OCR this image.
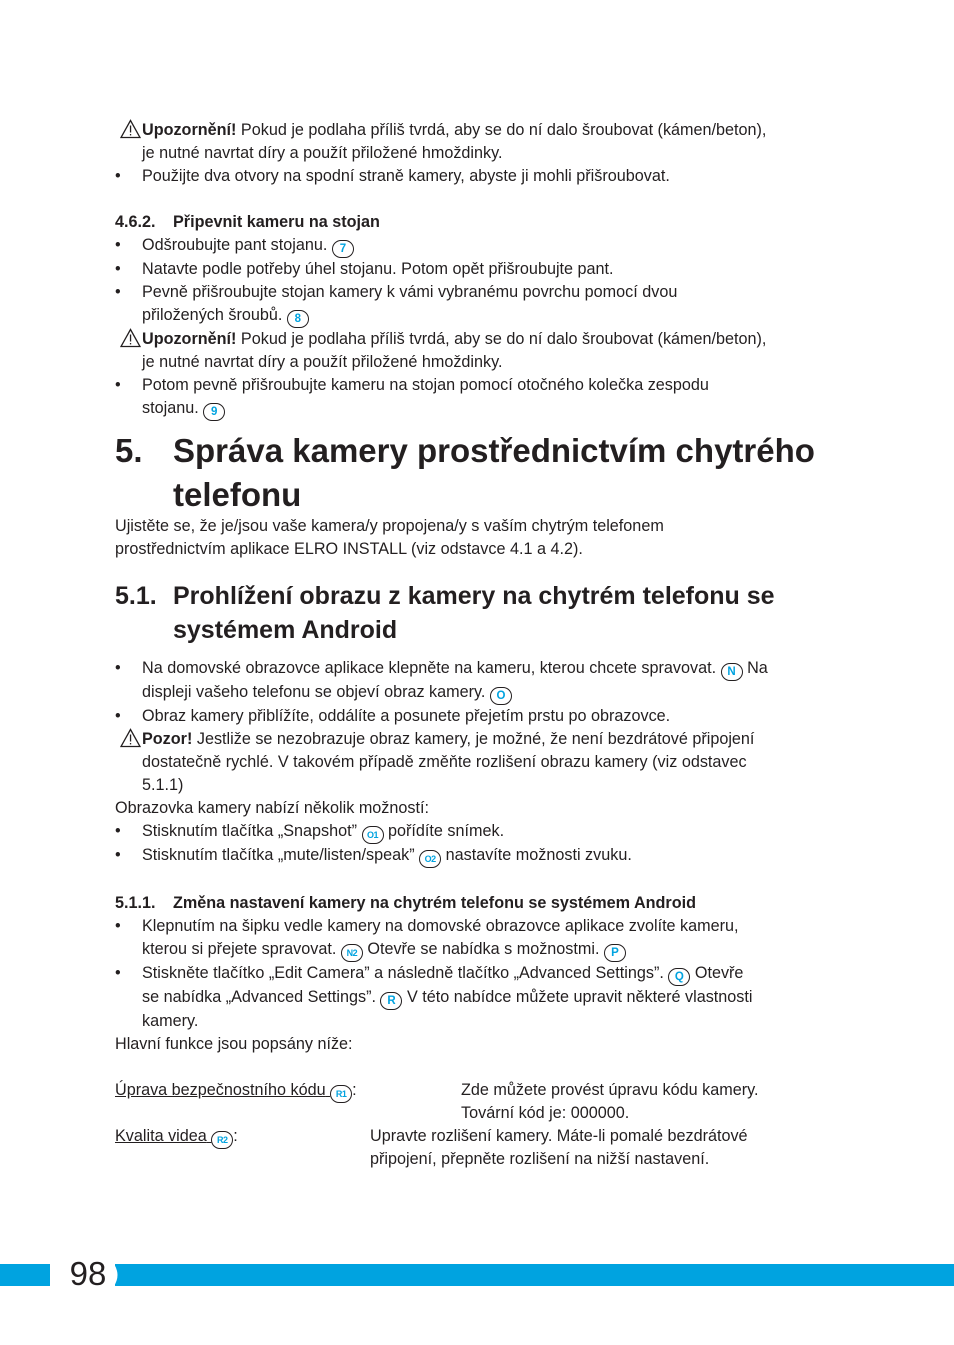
Upozornění! Pokud je podlaha příliš tvrdá, aby se do ní dalo šroubovat (kámen/beton),

je nutné navrtat díry a použít přiložené hmoždinky.

• Použijte dva otvory na spodní straně kamery, abyste ji mohli přišroubovat.
4.6.2. Připevnit kameru na stojan
• Odšroubujte pant stojanu. 7
• Natavte podle potřeby úhel stojanu. Potom opět přišroubujte pant.
• Pevně přišroubujte stojan kamery k vámi vybranému povrchu pomocí dvou
přiložených šroubů. 8

Upozornění! Pokud je podlaha příliš tvrdá, aby se do ní dalo šroubovat (kámen/beton),

je nutné navrtat díry a použít přiložené hmoždinky.

• Potom pevně přišroubujte kameru na stojan pomocí otočného kolečka zespodu
stojanu. 9
5. Správa kamery prostřednictvím chytrého
telefonu

Ujistěte se, že je/jsou vaše kamera/y propojena/y s vaším chytrým telefonem
prostřednictvím aplikace ELRO INSTALL (viz odstavce 4.1 a 4.2).

5.1. Prohlížení obrazu z kamery na chytrém telefonu se
systémem Android
• Na domovské obrazovce aplikace klepněte na kameru, kterou chcete spravovat. N Na
displeji vašeho telefonu se objeví obraz kamery. O
• Obraz kamery přiblížíte, oddálíte a posunete přejetím prstu po obrazovce.

Pozor! Jestliže se nezobrazuje obraz kamery, je možné, že není bezdrátové připojení

dostatečně rychlé. V takovém případě změňte rozlišení obrazu kamery (viz odstavec

5.1.1)

Obrazovka kamery nabízí několik možností:

• Stisknutím tlačítka „Snapshot” O1 pořídíte snímek.
• Stisknutím tlačítka „mute/listen/speak” O2 nastavíte možnosti zvuku.
5.1.1. Změna nastavení kamery na chytrém telefonu se systémem Android
• Klepnutím na šipku vedle kamery na domovské obrazovce aplikace zvolíte kameru,
kterou si přejete spravovat. N2 Otevře se nabídka s možnostmi. P
• Stiskněte tlačítko „Edit Camera” a následně tlačítko „Advanced Settings”. Q Otevře
se nabídka „Advanced Settings”. R V této nabídce můžete upravit některé vlastnosti
kamery.

Hlavní funkce jsou popsány níže:

Úprava bezpečnostního kódu R1 :	Zde můžete provést úpravu kódu kamery.
Tovární kód je: 000000.
Kvalita videa R2 :	Upravte rozlišení kamery. Máte-li pomalé bezdrátové
připojení, přepněte rozlišení na nižší nastavení.
98
